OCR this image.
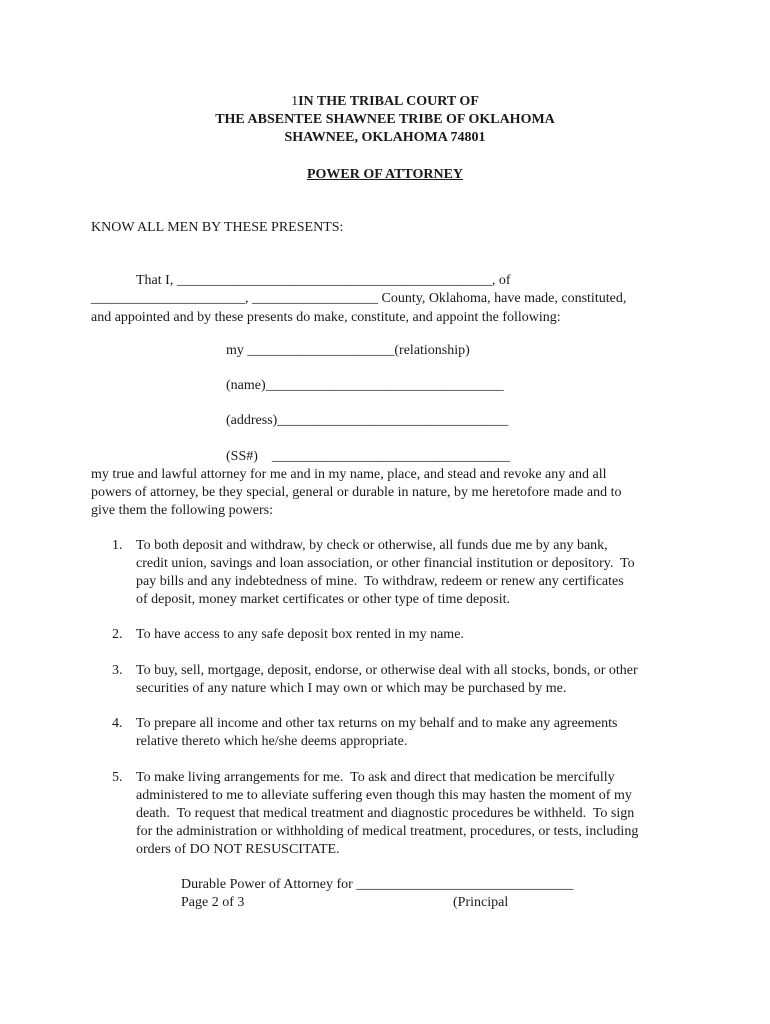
1IN THE TRIBAL COURT OF
THE ABSENTEE SHAWNEE TRIBE OF OKLAHOMA
SHAWNEE, OKLAHOMA 74801
POWER OF ATTORNEY
KNOW ALL MEN BY THESE PRESENTS:
That I, _____________________________________________, of
______________________, __________________ County, Oklahoma, have made, constituted,
and appointed and by these presents do make, constitute, and appoint the following:
my _____________________(relationship)
(name)__________________________________
(address)_________________________________
(SS#)    __________________________________
my true and lawful attorney for me and in my name, place, and stead and revoke any and all
powers of attorney, be they special, general or durable in nature, by me heretofore made and to
give them the following powers:
1. To both deposit and withdraw, by check or otherwise, all funds due me by any bank,
credit union, savings and loan association, or other financial institution or depository.  To
pay bills and any indebtedness of mine.  To withdraw, redeem or renew any certificates
of deposit, money market certificates or other type of time deposit.
2. To have access to any safe deposit box rented in my name.
3. To buy, sell, mortgage, deposit, endorse, or otherwise deal with all stocks, bonds, or other
securities of any nature which I may own or which may be purchased by me.
4. To prepare all income and other tax returns on my behalf and to make any agreements
relative thereto which he/she deems appropriate.
5. To make living arrangements for me.  To ask and direct that medication be mercifully
administered to me to alleviate suffering even though this may hasten the moment of my
death.  To request that medical treatment and diagnostic procedures be withheld.  To sign
for the administration or withholding of medical treatment, procedures, or tests, including
orders of DO NOT RESUSCITATE.
Durable Power of Attorney for _______________________________
Page 2 of 3	(Principal
